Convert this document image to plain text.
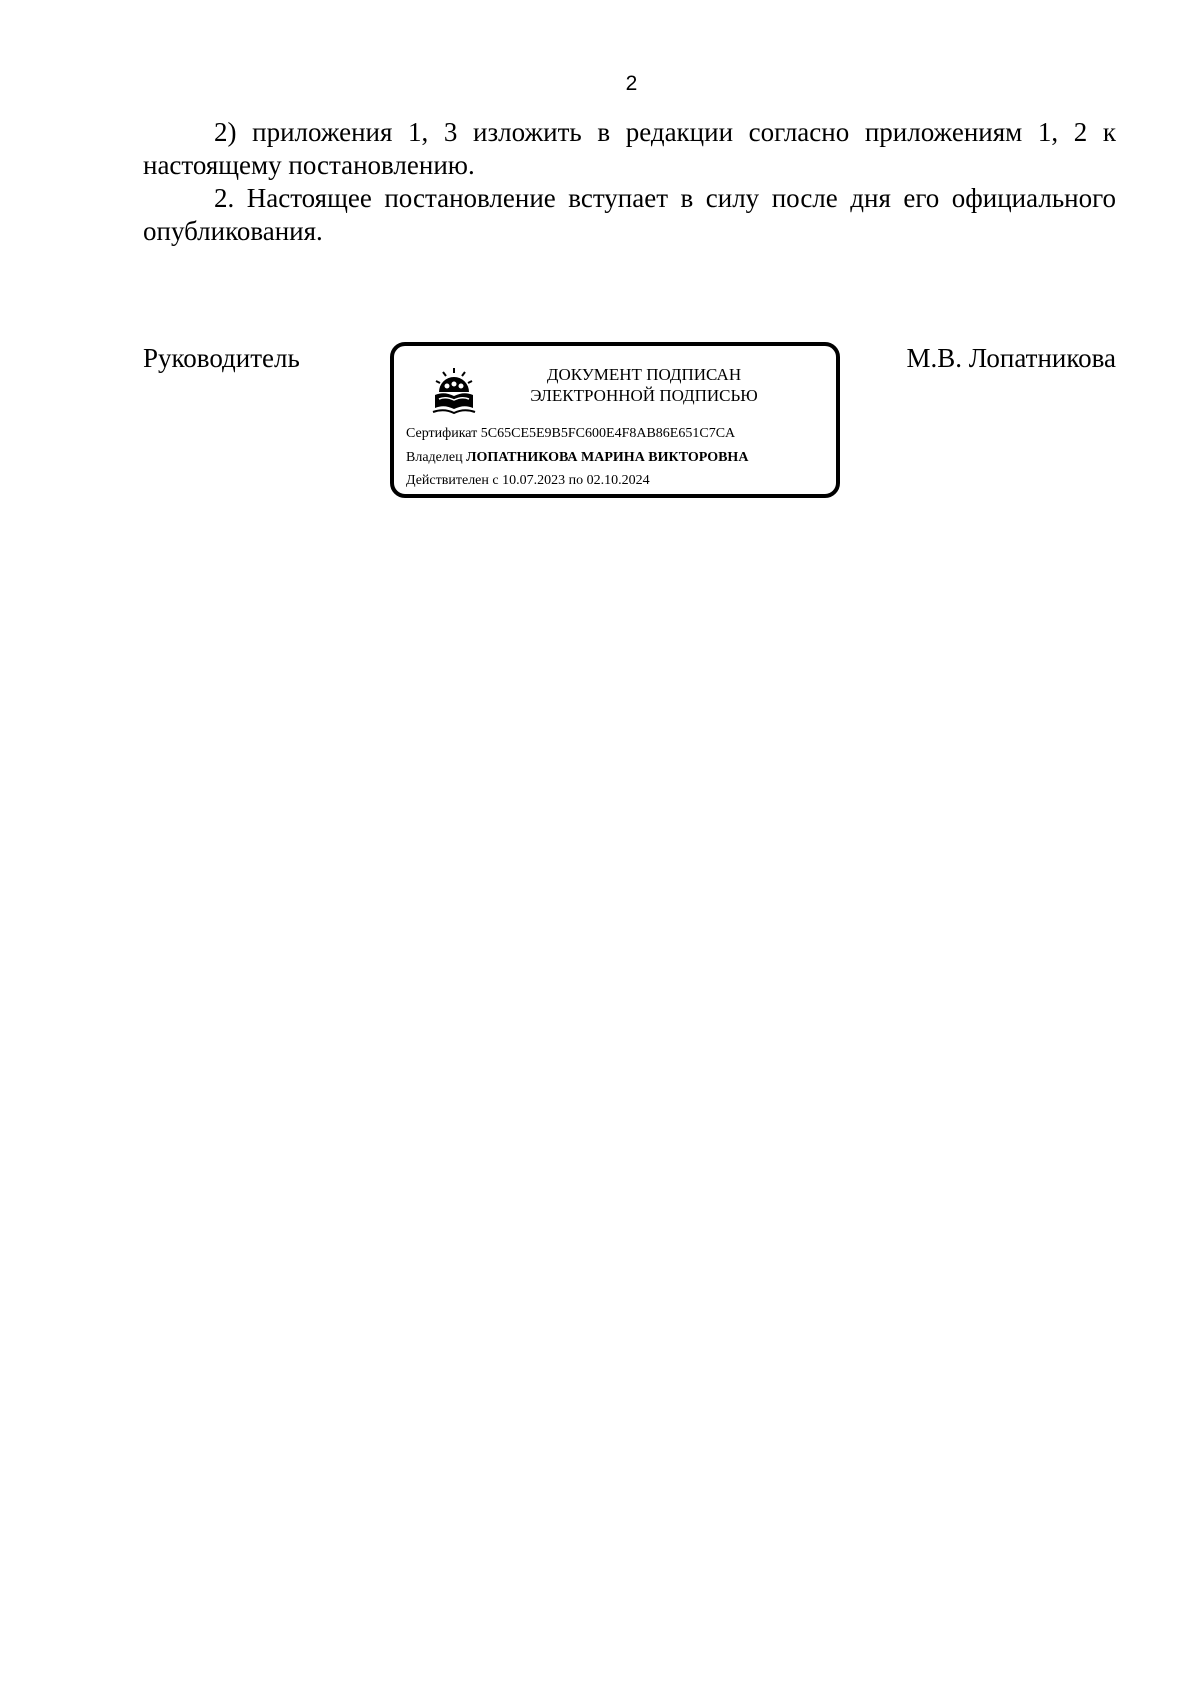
2

2) приложения 1, 3 изложить в редакции согласно приложениям 1, 2 к настоящему постановлению.

2. Настоящее постановление вступает в силу после дня его официального опубликования.

Руководитель	М.В. Лопатникова
ДОКУМЕНТ ПОДПИСАН
ЭЛЕКТРОННОЙ ПОДПИСЬЮ
Сертификат 5C65CE5E9B5FC600E4F8AB86E651C7CA
Владелец ЛОПАТНИКОВА МАРИНА ВИКТОРОВНА
Действителен с 10.07.2023 по 02.10.2024
